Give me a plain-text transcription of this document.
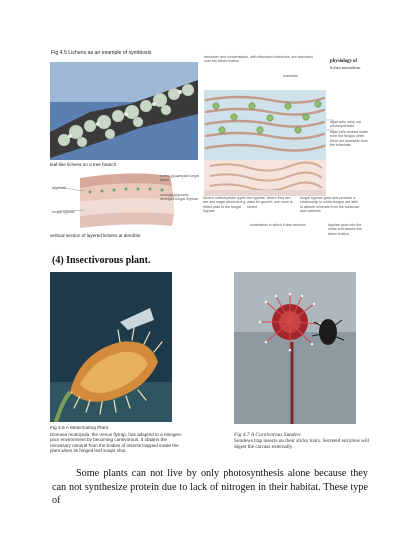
Fig 4.5 Lichens as an example of symbiosis
leaf-like lichens on a tree branch
algal cell
fungal hyphae
cortex of compact fungal tissue
medulla of loosely arranged fungal hyphae
vertical section of layered lichens at dendrite
rainwater and condensation, with dissolved chemicals, are absorbed over the lichen thallus	physiology of
lichen mutualism
substrate
algal cells carry out photosynthesis
algal cells receive water from the fungus when there are available from the substrate
lichens carbohydrate types are and sugar alcohols e.g. ribitol pass to the fungal hyphae
the hyphae, where they are used for growth; one more is stored
fungal hyphae grow and produce a relationship in which fungus are able to absorb minerals from the substrate and nutrients
substratum in which it also anchors	hyphae grow into the rocks and absorb the lichen thallus
(4) Insectivorous plant.
Fig 4.8 A Meat-Eating Plant
Dionaea muscipula, the Venus flytrap, has adapted to a nitrogen-poor environment by becoming carnivorous. It obtains the necessary mineral from the bodies of insects trapped inside the plant when its hinged leaf snaps shut.
Fig 4.7 A Carnivorous Sundew
Sundews trap insects on their sticky hairs. Secreted enzymes will digest the carcass externally.
Some plants can not live by only photosynthesis alone because they can not synthesize protein due to lack of nitrogen in their habitat. These type of
